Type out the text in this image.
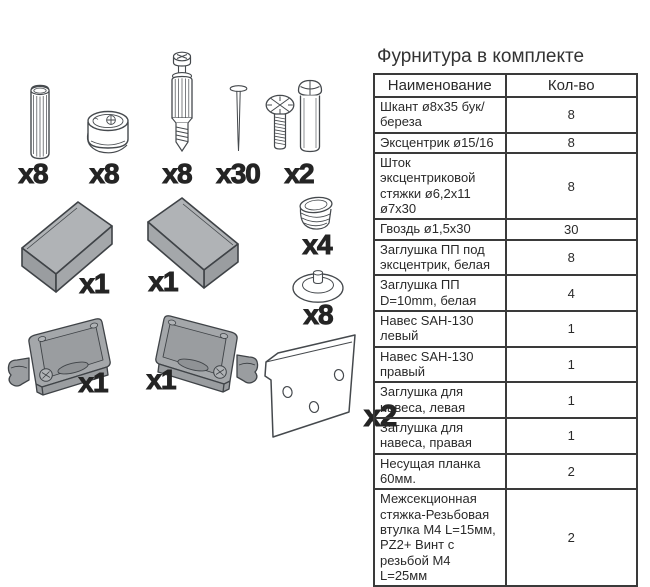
x8 x8 x8 x30 x2
x1 x1
x4
x8
x1 x1
x2
Фурнитура в комплекте
Наименование	Кол-во
Шкант ø8x35 бук/береза	8
Эксцентрик ø15/16	8
Шток эксцентриковой стяжки ø6,2x11 ø7x30	8
Гвоздь ø1,5x30	30
Заглушка ПП под эксцентрик, белая	8
Заглушка ПП D=10mm, белая	4
Навес SAH-130 левый	1
Навес SAH-130 правый	1
Заглушка для навеса, левая	1
Заглушка для навеса, правая	1
Несущая планка 60мм.	2
Межсекционная стяжка-Резьбовая втулка М4 L=15мм, PZ2+ Винт с резьбой М4 L=25мм	2
